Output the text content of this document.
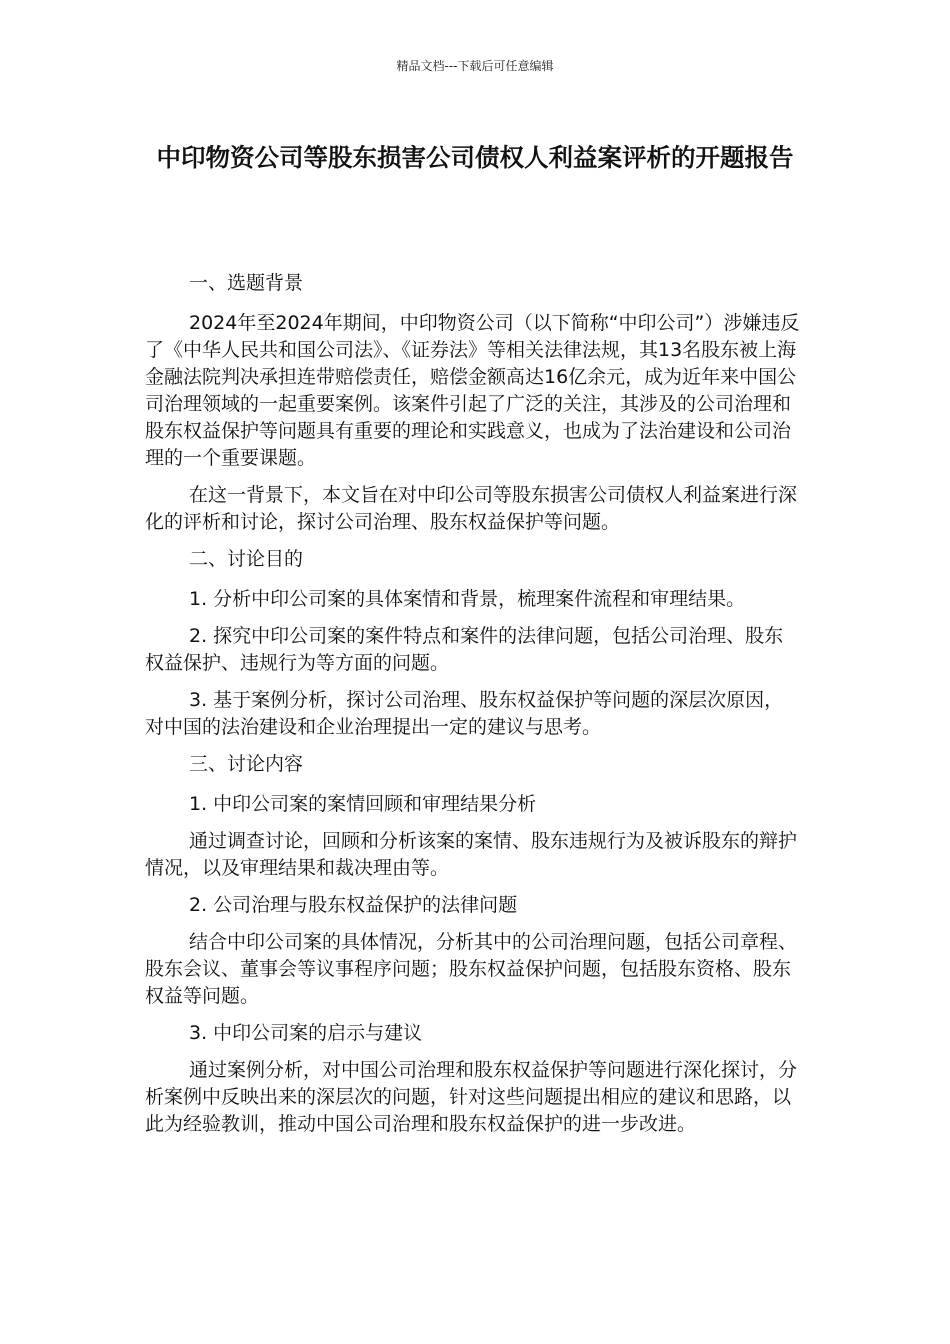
精品文档---下载后可任意编辑
中印物资公司等股东损害公司债权人利益案评析的开题报告

一、选题背景

2024年至2024年期间，中印物资公司（以下简称“中印公司”）涉嫌违反了《中华人民共和国公司法》、《证券法》等相关法律法规，其13名股东被上海金融法院判决承担连带赔偿责任，赔偿金额高达16亿余元，成为近年来中国公司治理领域的一起重要案例。该案件引起了广泛的关注，其涉及的公司治理和股东权益保护等问题具有重要的理论和实践意义，也成为了法治建设和公司治理的一个重要课题。

在这一背景下，本文旨在对中印公司等股东损害公司债权人利益案进行深化的评析和讨论，探讨公司治理、股东权益保护等问题。

二、讨论目的

1. 分析中印公司案的具体案情和背景，梳理案件流程和审理结果。

2. 探究中印公司案的案件特点和案件的法律问题，包括公司治理、股东权益保护、违规行为等方面的问题。

3. 基于案例分析，探讨公司治理、股东权益保护等问题的深层次原因，对中国的法治建设和企业治理提出一定的建议与思考。

三、讨论内容

1. 中印公司案的案情回顾和审理结果分析

通过调查讨论，回顾和分析该案的案情、股东违规行为及被诉股东的辩护情况，以及审理结果和裁决理由等。

2. 公司治理与股东权益保护的法律问题

结合中印公司案的具体情况，分析其中的公司治理问题，包括公司章程、股东会议、董事会等议事程序问题；股东权益保护问题，包括股东资格、股东权益等问题。

3. 中印公司案的启示与建议

通过案例分析，对中国公司治理和股东权益保护等问题进行深化探讨，分析案例中反映出来的深层次的问题，针对这些问题提出相应的建议和思路，以此为经验教训，推动中国公司治理和股东权益保护的进一步改进。
